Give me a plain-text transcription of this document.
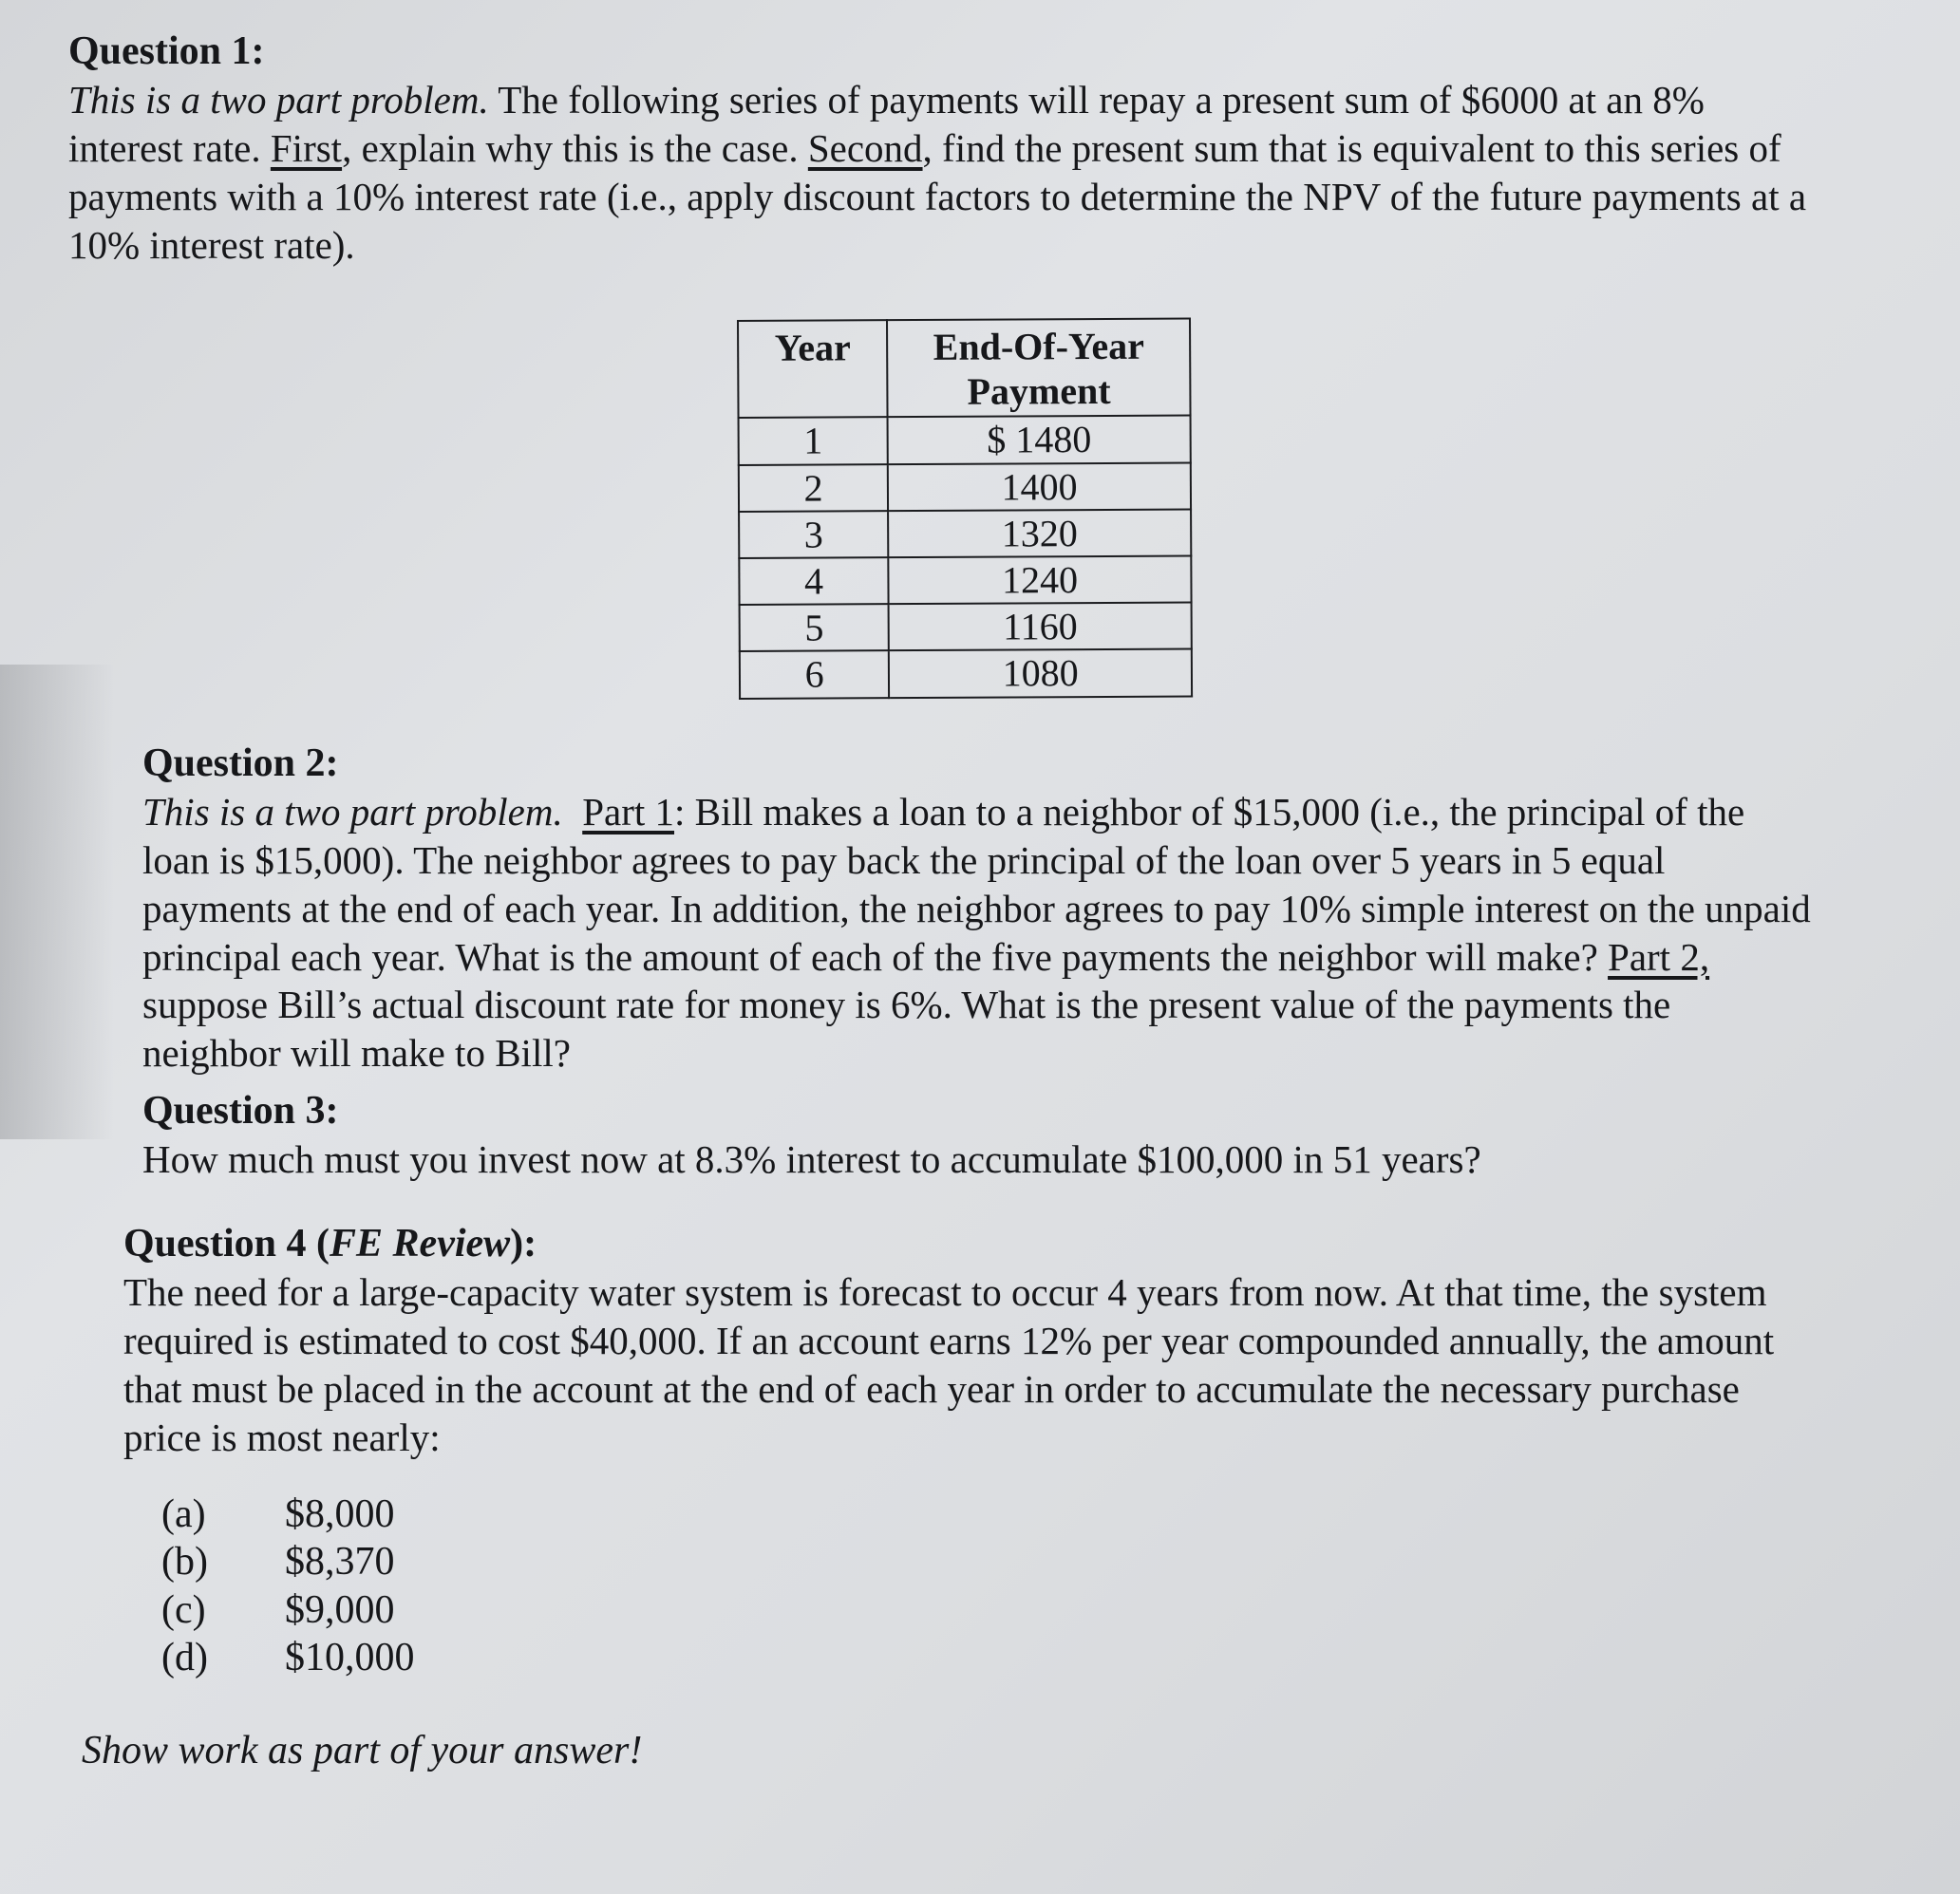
Question 1:

This is a two part problem. The following series of payments will repay a present sum of $6000 at an 8% interest rate. First, explain why this is the case. Second, find the present sum that is equivalent to this series of payments with a 10% interest rate (i.e., apply discount factors to determine the NPV of the future payments at a 10% interest rate).

Year	End-Of-Year
Payment
1	$ 1480
2	1400
3	1320
4	1240
5	1160
6	1080

Question 2:

This is a two part problem. Part 1: Bill makes a loan to a neighbor of $15,000 (i.e., the principal of the loan is $15,000). The neighbor agrees to pay back the principal of the loan over 5 years in 5 equal payments at the end of each year. In addition, the neighbor agrees to pay 10% simple interest on the unpaid principal each year. What is the amount of each of the five payments the neighbor will make? Part 2, suppose Bill’s actual discount rate for money is 6%. What is the present value of the payments the neighbor will make to Bill?

Question 3:

How much must you invest now at 8.3% interest to accumulate $100,000 in 51 years?

Question 4 (FE Review):

The need for a large-capacity water system is forecast to occur 4 years from now. At that time, the system required is estimated to cost $40,000. If an account earns 12% per year compounded annually, the amount that must be placed in the account at the end of each year in order to accumulate the necessary purchase price is most nearly:

(a)	$8,000
(b)	$8,370
(c)	$9,000
(d)	$10,000
Show work as part of your answer!
